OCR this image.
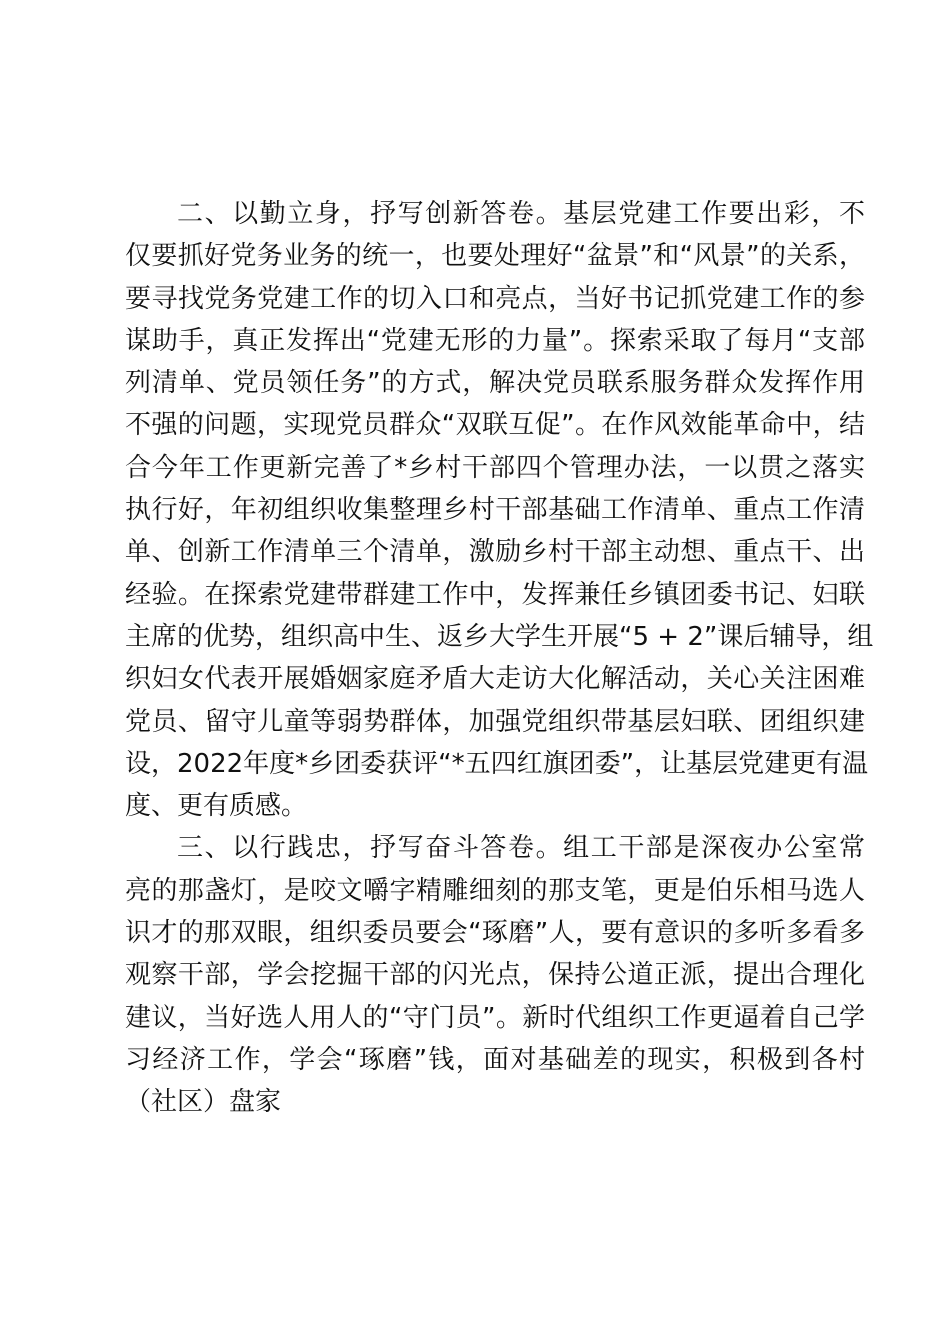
二、以勤立身，抒写创新答卷。基层党建工作要出彩，不
仅要抓好党务业务的统一，也要处理好“盆景”和“风景”的关系，
要寻找党务党建工作的切入口和亮点，当好书记抓党建工作的参
谋助手，真正发挥出“党建无形的力量”。探索采取了每月“支部
列清单、党员领任务”的方式，解决党员联系服务群众发挥作用
不强的问题，实现党员群众“双联互促”。在作风效能革命中，结
合今年工作更新完善了*乡村干部四个管理办法，一以贯之落实
执行好，年初组织收集整理乡村干部基础工作清单、重点工作清
单、创新工作清单三个清单，激励乡村干部主动想、重点干、出
经验。在探索党建带群建工作中，发挥兼任乡镇团委书记、妇联
主席的优势，组织高中生、返乡大学生开展“5 + 2”课后辅导，组
织妇女代表开展婚姻家庭矛盾大走访大化解活动，关心关注困难
党员、留守儿童等弱势群体，加强党组织带基层妇联、团组织建
设，2022年度*乡团委获评“*五四红旗团委”，让基层党建更有温
度、更有质感。
三、以行践忠，抒写奋斗答卷。组工干部是深夜办公室常
亮的那盏灯，是咬文嚼字精雕细刻的那支笔，更是伯乐相马选人
识才的那双眼，组织委员要会“琢磨”人，要有意识的多听多看多
观察干部，学会挖掘干部的闪光点，保持公道正派，提出合理化
建议，当好选人用人的“守门员”。新时代组织工作更逼着自己学
习经济工作，学会“琢磨”钱，面对基础差的现实，积极到各村
（社区）盘家
